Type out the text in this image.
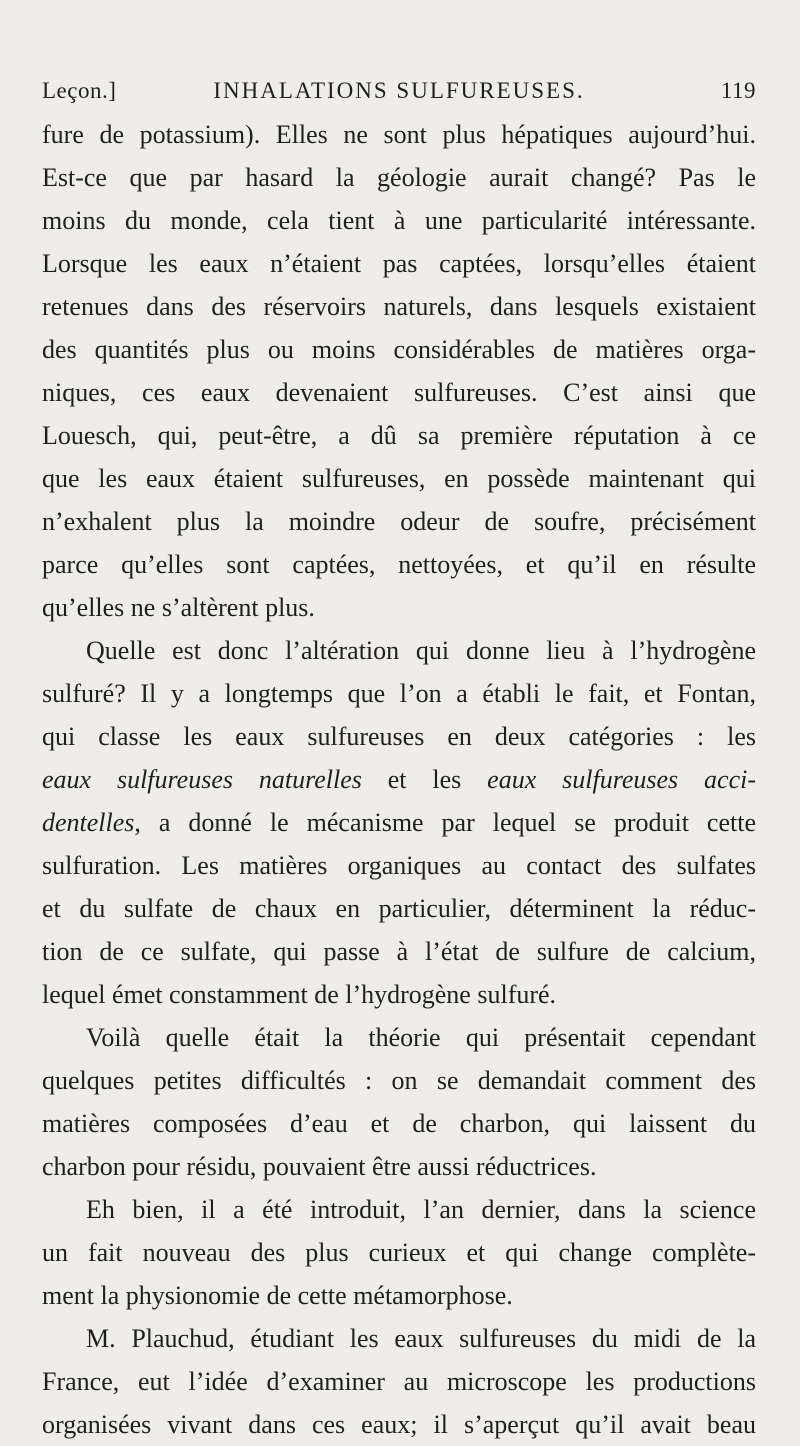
Leçon.]	INHALATIONS SULFUREUSES.	119
fure de potassium). Elles ne sont plus hépatiques aujourd’hui.
Est-ce que par hasard la géologie aurait changé? Pas le
moins du monde, cela tient à une particularité intéressante.
Lorsque les eaux n’étaient pas captées, lorsqu’elles étaient
retenues dans des réservoirs naturels, dans lesquels existaient
des quantités plus ou moins considérables de matières orga-
niques, ces eaux devenaient sulfureuses. C’est ainsi que
Louesch, qui, peut-être, a dû sa première réputation à ce
que les eaux étaient sulfureuses, en possède maintenant qui
n’exhalent plus la moindre odeur de soufre, précisément
parce qu’elles sont captées, nettoyées, et qu’il en résulte
qu’elles ne s’altèrent plus.
Quelle est donc l’altération qui donne lieu à l’hydrogène
sulfuré? Il y a longtemps que l’on a établi le fait, et Fontan,
qui classe les eaux sulfureuses en deux catégories : les
eaux sulfureuses naturelles et les eaux sulfureuses acci-
dentelles, a donné le mécanisme par lequel se produit cette
sulfuration. Les matières organiques au contact des sulfates
et du sulfate de chaux en particulier, déterminent la réduc-
tion de ce sulfate, qui passe à l’état de sulfure de calcium,
lequel émet constamment de l’hydrogène sulfuré.
Voilà quelle était la théorie qui présentait cependant
quelques petites difficultés : on se demandait comment des
matières composées d’eau et de charbon, qui laissent du
charbon pour résidu, pouvaient être aussi réductrices.
Eh bien, il a été introduit, l’an dernier, dans la science
un fait nouveau des plus curieux et qui change complète-
ment la physionomie de cette métamorphose.
M. Plauchud, étudiant les eaux sulfureuses du midi de la
France, eut l’idée d’examiner au microscope les productions
organisées vivant dans ces eaux; il s’aperçut qu’il avait beau
